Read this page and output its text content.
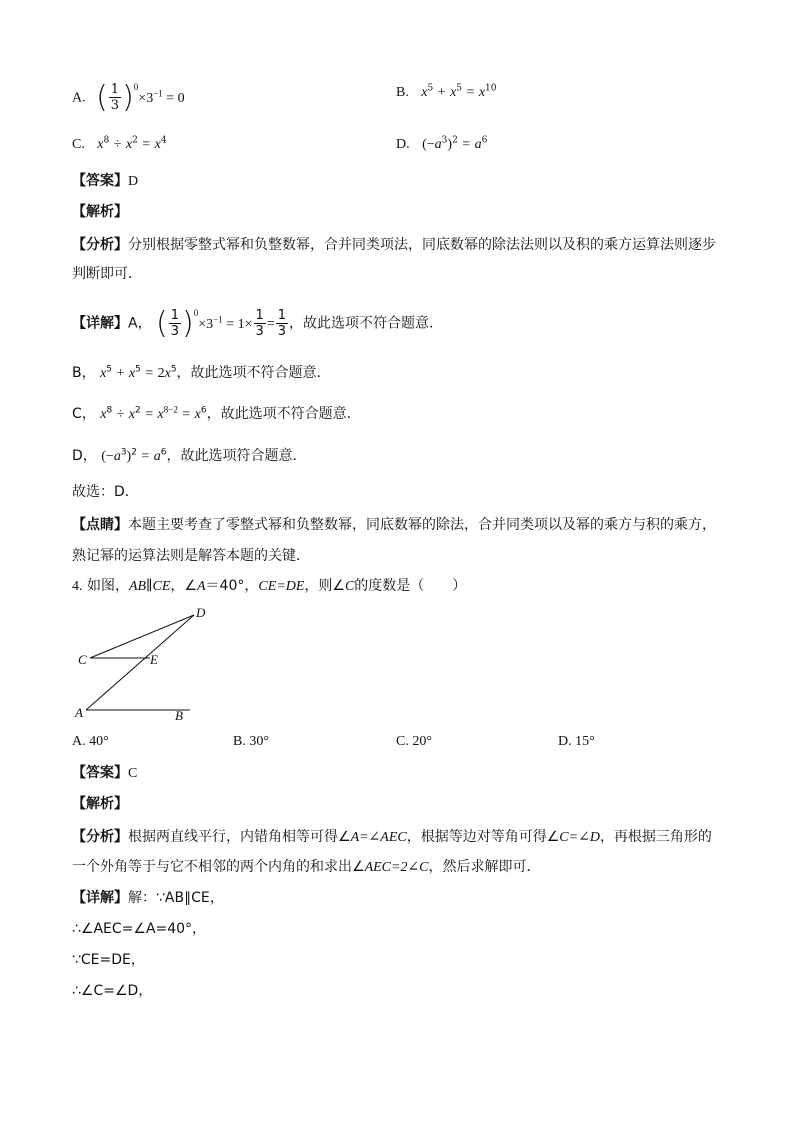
A. ( $\frac{1}{3}$ ) 0
$\times 3^{-1} = 0$	B. $x^5 + x^5 = x^{10}$
C. $x^8 \div x^2 = x^4$	D. $(-a^3)^2 = a^6$
【答案】D
【解析】
【分析】分别根据零整式幂和负整数幂，合并同类项法，同底数幂的除法法则以及积的乘方运算法则逐步
判断即可．
【详解】A， ( $\frac{1}{3}$ ) 0
$\times 3^{-1} = 1\times \frac{1}{3} = \frac{1}{3}$ ，故此选项不符合题意．
B， $x^5 + x^5 = 2x^5$，故此选项不符合题意．
C， $x^8 \div x^2 = x^{8-2} = x^6$，故此选项不符合题意．
D， $(-a^3)^2 = a^6$，故此选项符合题意．
故选：D．
【点睛】本题主要考查了零整式幂和负整数幂，同底数幂的除法，合并同类项以及幂的乘方与积的乘方，
熟记幂的运算法则是解答本题的关键．
4. 如图，AB∥CE，∠A＝40°，CE=DE，则∠C的度数是（　　）
D
C	E
A	B
A. 40°	B. 30°	C. 20°	D. 15°
【答案】C
【解析】
【分析】根据两直线平行，内错角相等可得∠A=∠AEC，根据等边对等角可得∠C=∠D，再根据三角形的
一个外角等于与它不相邻的两个内角的和求出∠AEC=2∠C，然后求解即可．
【详解】解：∵AB∥CE，
∴∠AEC=∠A=40°，
∵CE=DE，
∴∠C=∠D，
